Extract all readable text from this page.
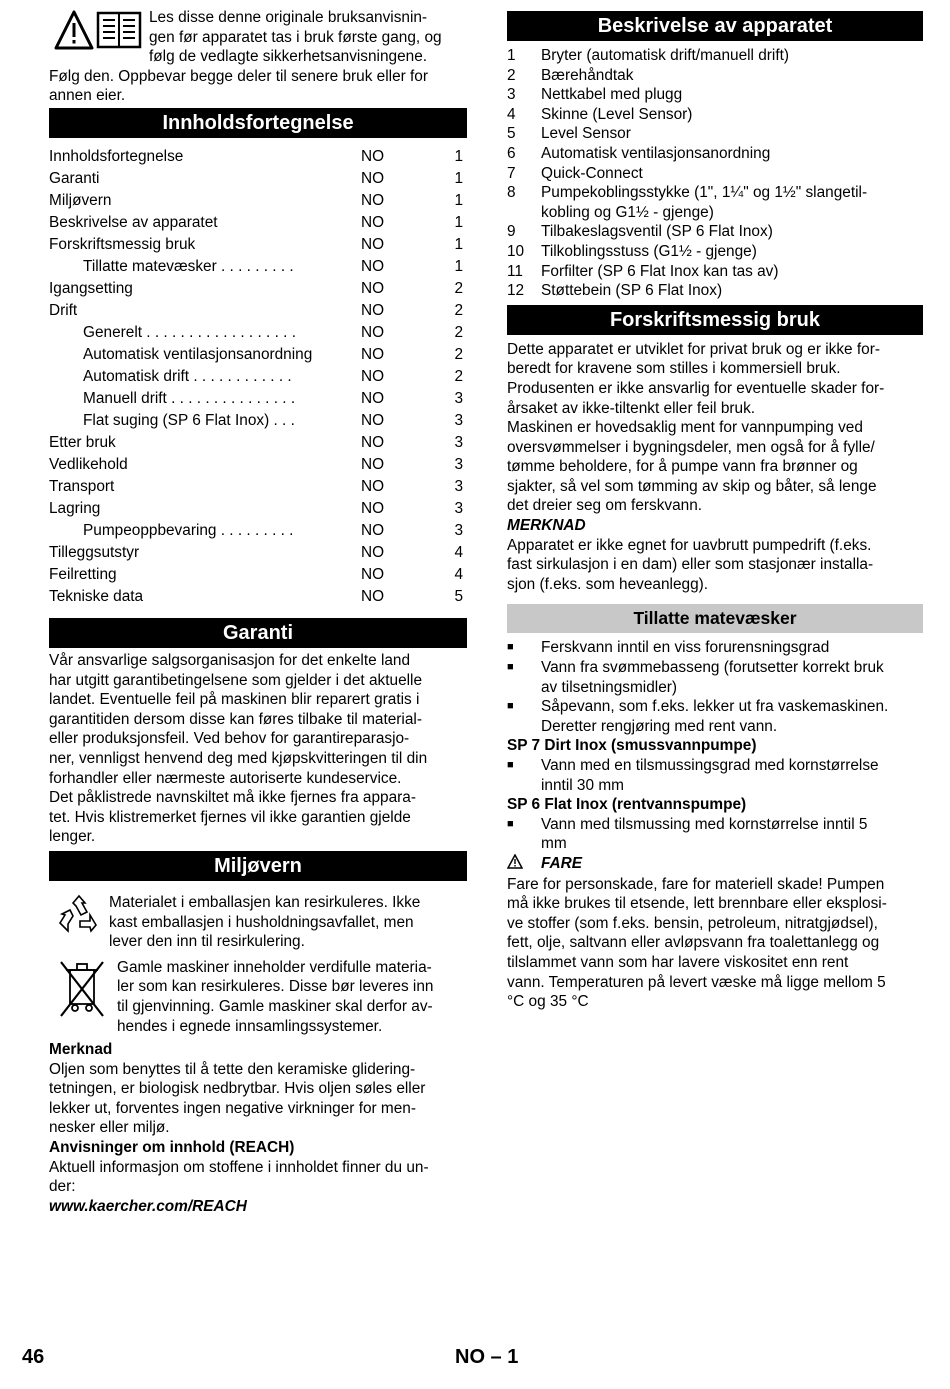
Les disse denne originale bruksanvisnin-

gen før apparatet tas i bruk første gang, og

følg de vedlagte sikkerhetsanvisningene.

Følg den. Oppbevar begge deler til senere bruk eller for

annen eier.

Innholdsfortegnelse
Innholdsfortegnelse	NO	1
Garanti	NO	1
Miljøvern	NO	1
Beskrivelse av apparatet	NO	1
Forskriftsmessig bruk	NO	1
Tillatte matevæsker . . . . . . . . .	NO	1
Igangsetting	NO	2
Drift	NO	2
Generelt . . . . . . . . . . . . . . . . . .	NO	2
Automatisk ventilasjonsanordning	NO	2
Automatisk drift . . . . . . . . . . . .	NO	2
Manuell drift . . . . . . . . . . . . . . .	NO	3
Flat suging (SP 6 Flat Inox) . . .	NO	3
Etter bruk	NO	3
Vedlikehold	NO	3
Transport	NO	3
Lagring	NO	3
Pumpeoppbevaring . . . . . . . . .	NO	3
Tilleggsutstyr	NO	4
Feilretting	NO	4
Tekniske data	NO	5
Garanti

Vår ansvarlige salgsorganisasjon for det enkelte land

har utgitt garantibetingelsene som gjelder i det aktuelle

landet. Eventuelle feil på maskinen blir reparert gratis i

garantitiden dersom disse kan føres tilbake til material-

eller produksjonsfeil. Ved behov for garantireparasjo-

ner, vennligst henvend deg med kjøpskvitteringen til din

forhandler eller nærmeste autoriserte kundeservice.

Det påklistrede navnskiltet må ikke fjernes fra appara-

tet. Hvis klistremerket fjernes vil ikke garantien gjelde

lenger.

Miljøvern

Materialet i emballasjen kan resirkuleres. Ikke

kast emballasjen i husholdningsavfallet, men

lever den inn til resirkulering.

Gamle maskiner inneholder verdifulle materia-

ler som kan resirkuleres. Disse bør leveres inn

til gjenvinning. Gamle maskiner skal derfor av-

hendes i egnede innsamlingssystemer.

Merknad

Oljen som benyttes til å tette den keramiske glidering-

tetningen, er biologisk nedbrytbar. Hvis oljen søles eller

lekker ut, forventes ingen negative virkninger for men-

nesker eller miljø.

Anvisninger om innhold (REACH)

Aktuell informasjon om stoffene i innholdet finner du un-

der:

www.kaercher.com/REACH

Beskrivelse av apparatet
1	Bryter (automatisk drift/manuell drift)
2	Bærehåndtak
3	Nettkabel med plugg
4	Skinne (Level Sensor)
5	Level Sensor
6	Automatisk ventilasjonsanordning
7	Quick-Connect
8	Pumpekoblingsstykke (1", 1¼" og 1½" slangetil-
kobling og G1½ - gjenge)
9	Tilbakeslagsventil (SP 6 Flat Inox)
10	Tilkoblingsstuss (G1½ - gjenge)
11	Forfilter (SP 6 Flat Inox kan tas av)
12	Støttebein (SP 6 Flat Inox)
Forskriftsmessig bruk

Dette apparatet er utviklet for privat bruk og er ikke for-

beredt for kravene som stilles i kommersiell bruk.

Produsenten er ikke ansvarlig for eventuelle skader for-

årsaket av ikke-tiltenkt eller feil bruk.

Maskinen er hovedsaklig ment for vannpumping ved

oversvømmelser i bygningsdeler, men også for å fylle/

tømme beholdere, for å pumpe vann fra brønner og

sjakter, så vel som tømming av skip og båter, så lenge

det dreier seg om ferskvann.

MERKNAD

Apparatet er ikke egnet for uavbrutt pumpedrift (f.eks.

fast sirkulasjon i en dam) eller som stasjonær installa-

sjon (f.eks. som heveanlegg).

Tillatte matevæsker
■	Ferskvann inntil en viss forurensningsgrad
■	Vann fra svømmebasseng (forutsetter korrekt bruk
av tilsetningsmidler)
■	Såpevann, som f.eks. lekker ut fra vaskemaskinen.
Deretter rengjøring med rent vann.

SP 7 Dirt Inox (smussvannpumpe)

■	Vann med en tilsmussingsgrad med kornstørrelse
inntil 30 mm

SP 6 Flat Inox (rentvannspumpe)

■	Vann med tilsmussing med kornstørrelse inntil 5
mm
FARE

Fare for personskade, fare for materiell skade! Pumpen

må ikke brukes til etsende, lett brennbare eller eksplosi-

ve stoffer (som f.eks. bensin, petroleum, nitratgjødsel),

fett, olje, saltvann eller avløpsvann fra toalettanlegg og

tilslammet vann som har lavere viskositet enn rent

vann. Temperaturen på levert væske må ligge mellom 5

°C og 35 °C

46	NO – 1
